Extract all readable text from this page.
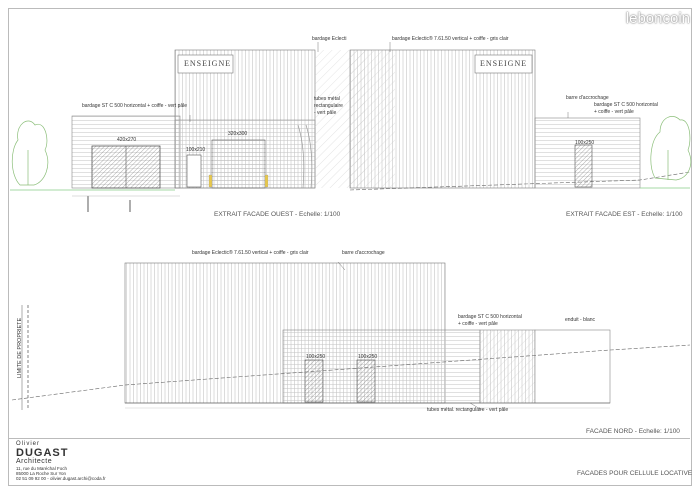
leboncoin
ENSEIGNE
bardage Eclecti
bardage ST C 500 horizontal + coiffe - vert pâle
tubes métal
rectangulaire
- vert pâle
420x270
100x210
320x300
EXTRAIT FACADE OUEST - Echelle: 1/100
ENSEIGNE
bardage Eclectic® 7.61.50 vertical + coiffe - gris clair
barre d'accrochage
bardage ST C 500 horizontal
+ coiffe - vert pâle
100x250
EXTRAIT FACADE EST - Echelle: 1/100
bardage Eclectic® 7.61.50 vertical + coiffe - gris clair	barre d'accrochage
bardage ST C 500 horizontal
+ coiffe - vert pâle
enduit - blanc
100x250	100x250
tubes métal. rectangulaire - vert pâle
LIMITE DE PROPRIETE
FACADE NORD - Echelle: 1/100
FACADES POUR CELLULE LOCATIVE
Olivier
DUGAST
Architecte
11, rue du Maréchal Foch
85000 La Roche Sur Yon
02 51 09 92 00 - olivier.dugast.archi@coda.fr
